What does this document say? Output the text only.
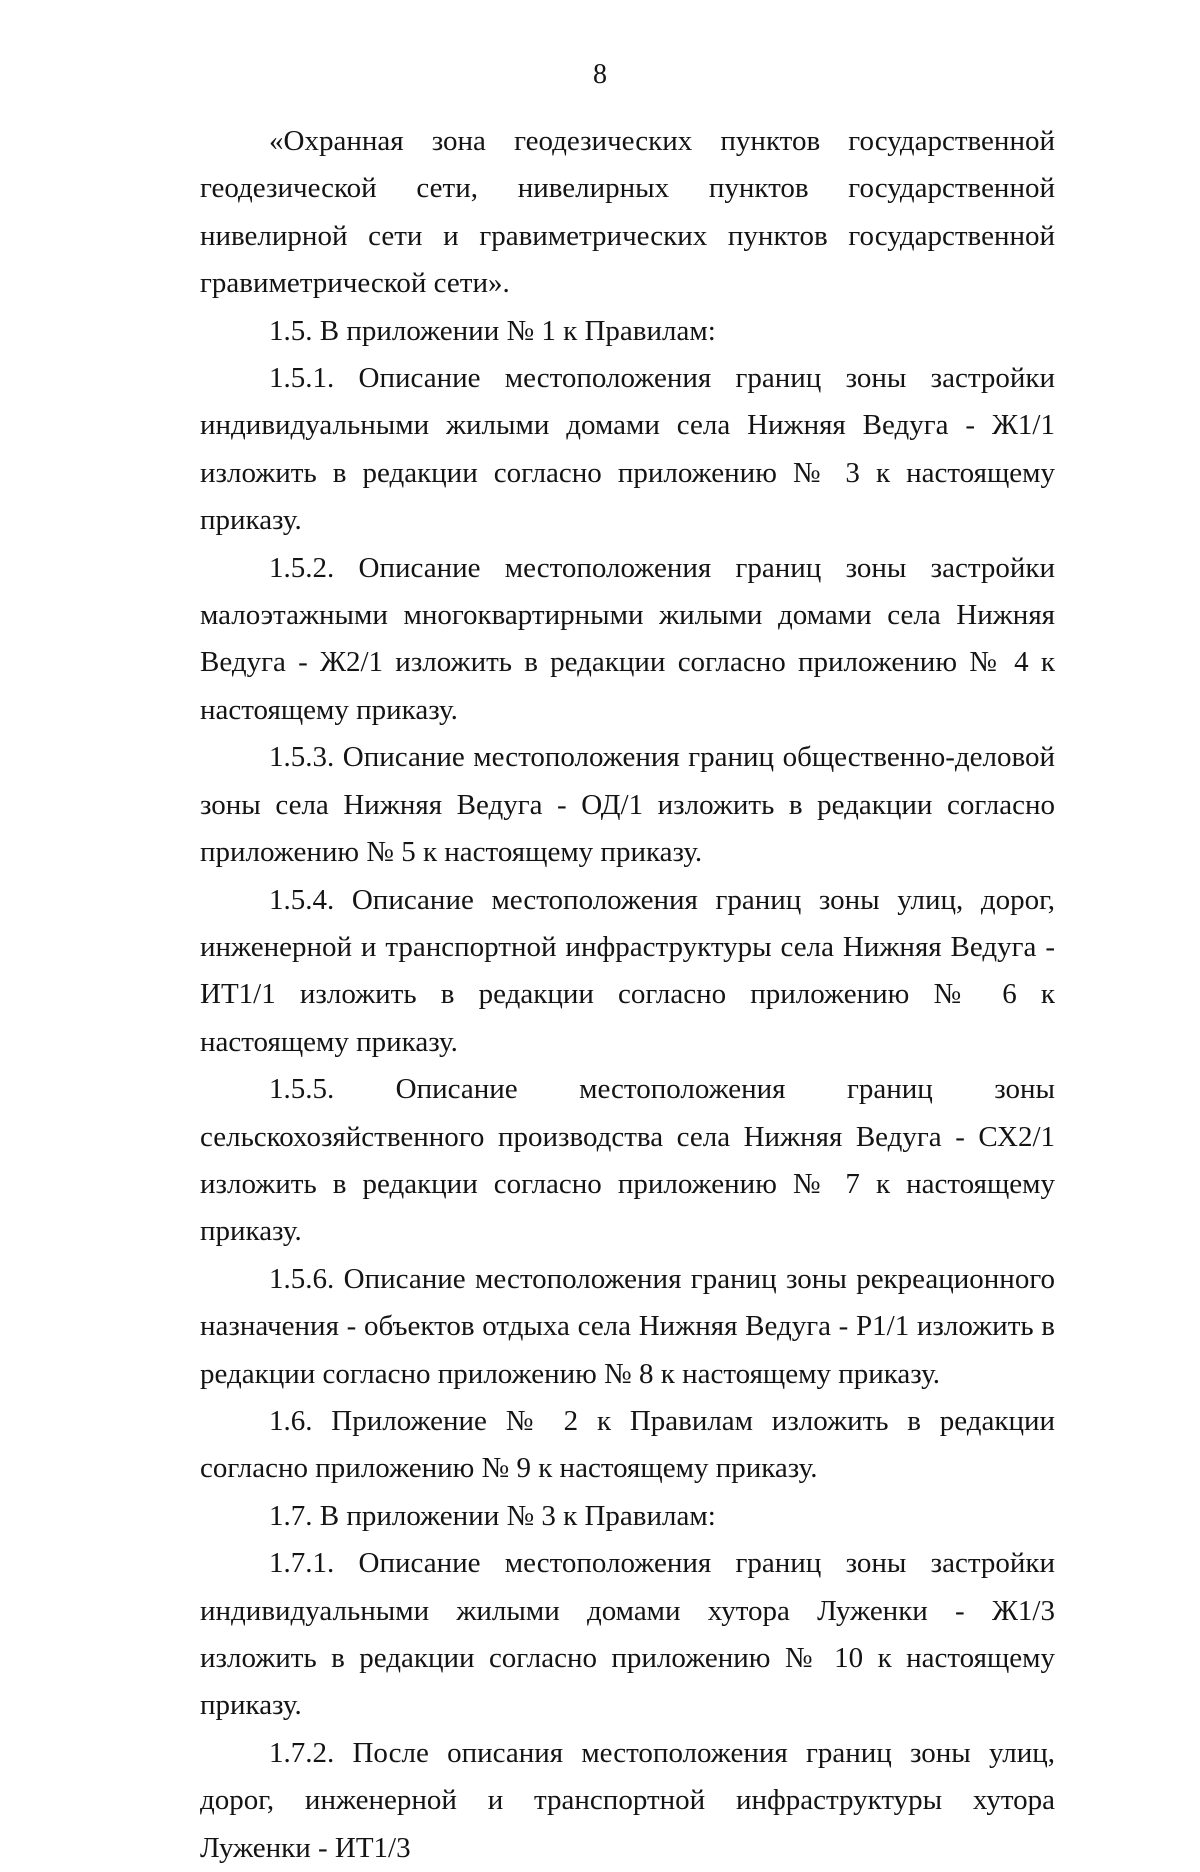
8

«Охранная зона геодезических пунктов государственной геодезической сети, нивелирных пунктов государственной нивелирной сети и гравиметрических пунктов государственной гравиметрической сети».

1.5. В приложении № 1 к Правилам:

1.5.1. Описание местоположения границ зоны застройки индивидуальными жилыми домами села Нижняя Ведуга - Ж1/1 изложить в редакции согласно приложению № 3 к настоящему приказу.

1.5.2. Описание местоположения границ зоны застройки малоэтажными многоквартирными жилыми домами села Нижняя Ведуга - Ж2/1 изложить в редакции согласно приложению № 4 к настоящему приказу.

1.5.3. Описание местоположения границ общественно-деловой зоны села Нижняя Ведуга - ОД/1 изложить в редакции согласно приложению № 5 к настоящему приказу.

1.5.4. Описание местоположения границ зоны улиц, дорог, инженерной и транспортной инфраструктуры села Нижняя Ведуга - ИТ1/1 изложить в редакции согласно приложению № 6 к настоящему приказу.

1.5.5. Описание местоположения границ зоны сельскохозяйственного производства села Нижняя Ведуга - СХ2/1 изложить в редакции согласно приложению № 7 к настоящему приказу.

1.5.6. Описание местоположения границ зоны рекреационного назначения - объектов отдыха села Нижняя Ведуга - Р1/1 изложить в редакции согласно приложению № 8 к настоящему приказу.

1.6. Приложение № 2 к Правилам изложить в редакции согласно приложению № 9 к настоящему приказу.

1.7. В приложении № 3 к Правилам:

1.7.1. Описание местоположения границ зоны застройки индивидуальными жилыми домами хутора Луженки - Ж1/3 изложить в редакции согласно приложению № 10 к настоящему приказу.

1.7.2. После описания местоположения границ зоны улиц, дорог, инженерной и транспортной инфраструктуры хутора Луженки - ИТ1/3
